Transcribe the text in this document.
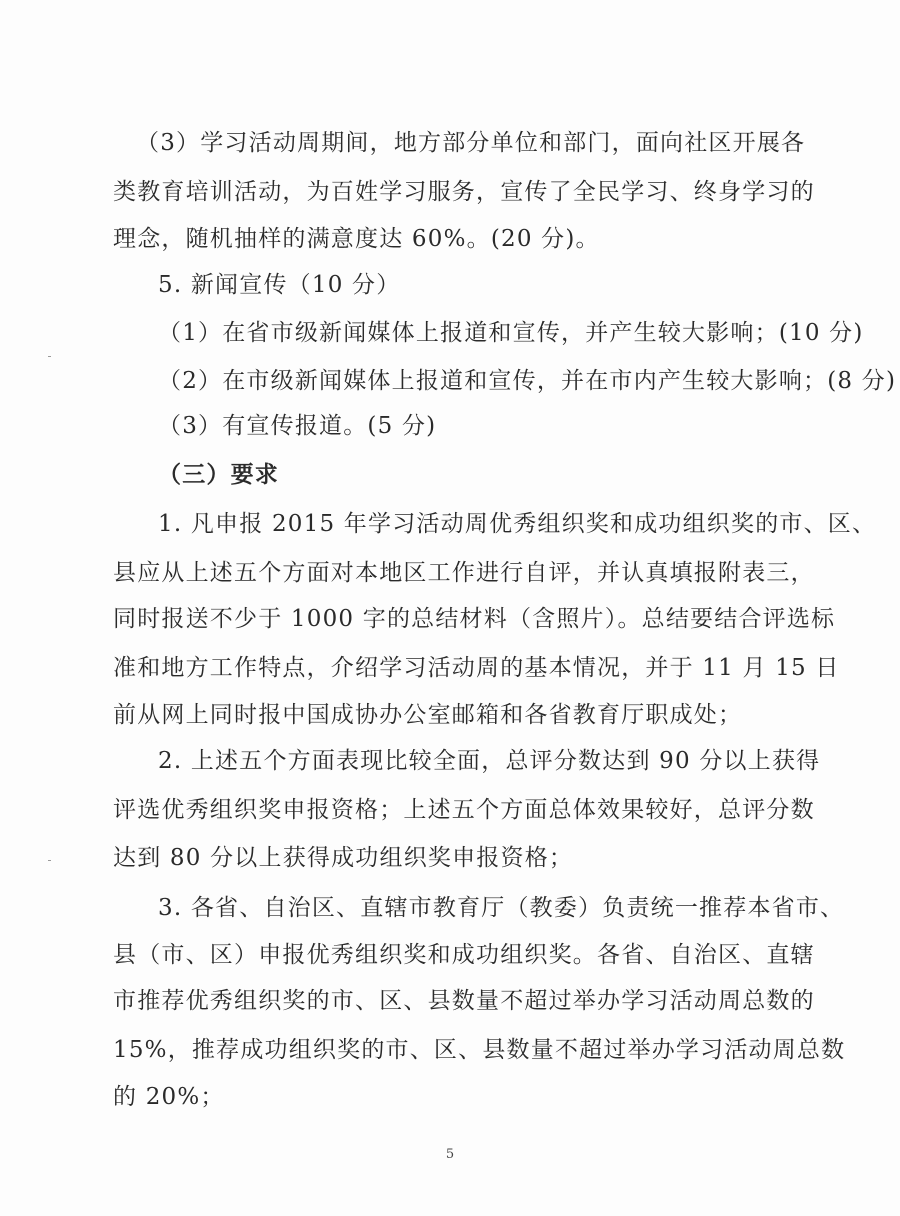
（3）学习活动周期间，地方部分单位和部门，面向社区开展各
类教育培训活动，为百姓学习服务，宣传了全民学习、终身学习的
理念，随机抽样的满意度达 60%。(20 分)。
5. 新闻宣传（10 分）
（1）在省市级新闻媒体上报道和宣传，并产生较大影响；(10 分)
（2）在市级新闻媒体上报道和宣传，并在市内产生较大影响；(8 分)
（3）有宣传报道。(5 分)
（三）要求
1. 凡申报 2015 年学习活动周优秀组织奖和成功组织奖的市、区、
县应从上述五个方面对本地区工作进行自评，并认真填报附表三，
同时报送不少于 1000 字的总结材料（含照片）。总结要结合评选标
准和地方工作特点，介绍学习活动周的基本情况，并于 11 月 15 日
前从网上同时报中国成协办公室邮箱和各省教育厅职成处；
2. 上述五个方面表现比较全面，总评分数达到 90 分以上获得
评选优秀组织奖申报资格；上述五个方面总体效果较好，总评分数
达到 80 分以上获得成功组织奖申报资格；
3. 各省、自治区、直辖市教育厅（教委）负责统一推荐本省市、
县（市、区）申报优秀组织奖和成功组织奖。各省、自治区、直辖
市推荐优秀组织奖的市、区、县数量不超过举办学习活动周总数的
15%，推荐成功组织奖的市、区、县数量不超过举办学习活动周总数
的 20%；
5
